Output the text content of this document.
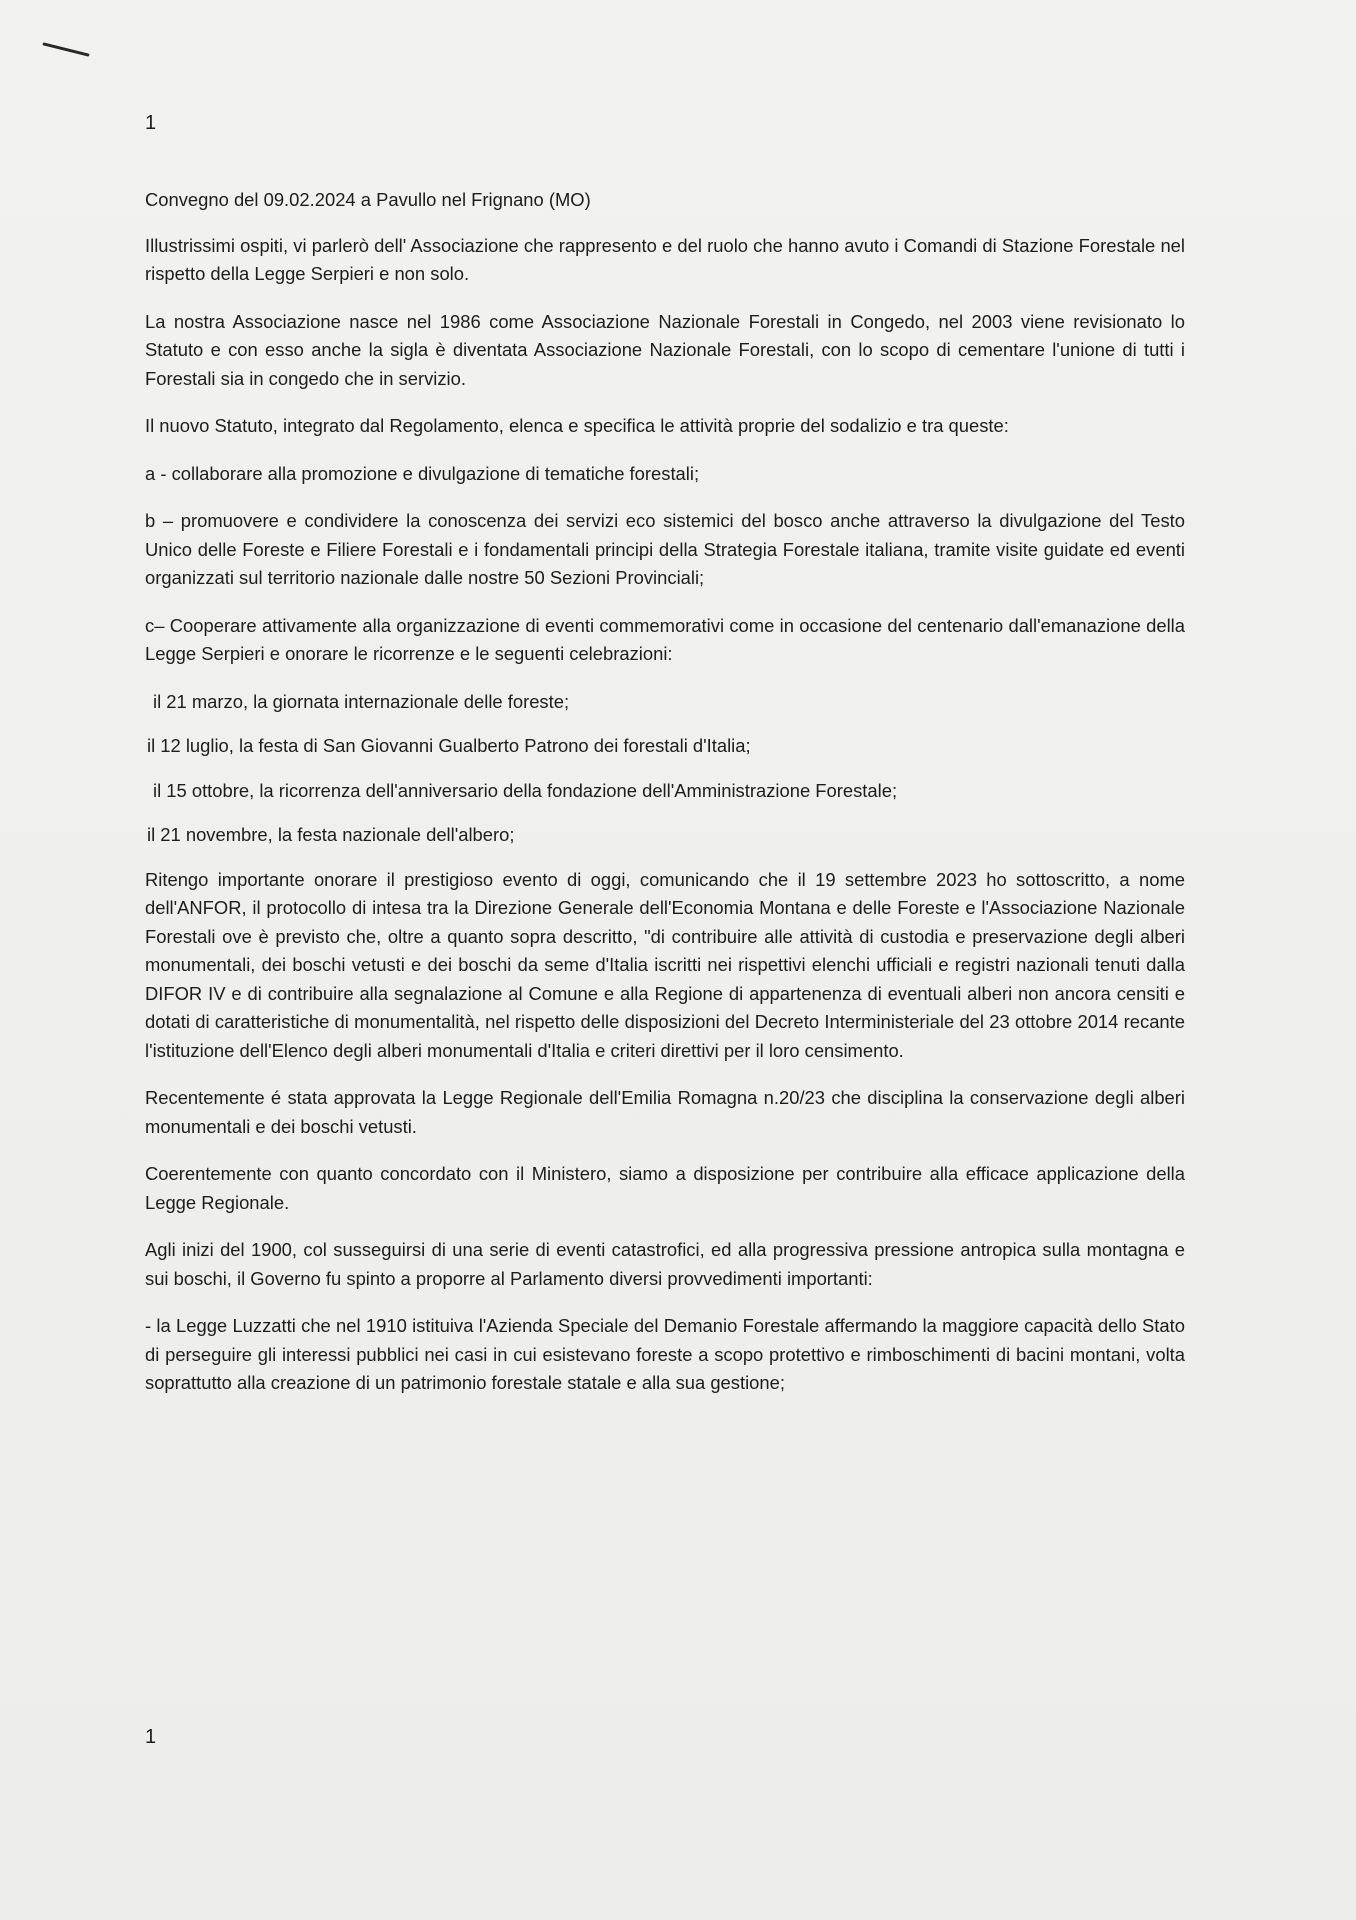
1

Convegno del 09.02.2024 a Pavullo nel Frignano (MO)

Illustrissimi ospiti, vi parlerò dell' Associazione che rappresento e del ruolo che hanno avuto i Comandi di Stazione Forestale nel rispetto della Legge Serpieri e non solo.

La nostra Associazione nasce nel 1986 come Associazione Nazionale Forestali in Congedo, nel 2003 viene revisionato lo Statuto e con esso anche la sigla è diventata Associazione Nazionale Forestali, con lo scopo di cementare l'unione di tutti i Forestali sia in congedo che in servizio.

Il nuovo Statuto, integrato dal Regolamento, elenca e specifica le attività proprie del sodalizio e tra queste:

a - collaborare alla promozione e divulgazione di tematiche forestali;

b – promuovere e condividere la conoscenza dei servizi eco sistemici del bosco anche attraverso la divulgazione del Testo Unico delle Foreste e Filiere Forestali e i fondamentali principi della Strategia Forestale italiana, tramite visite guidate ed eventi organizzati sul territorio nazionale dalle nostre 50 Sezioni Provinciali;

c– Cooperare attivamente alla organizzazione di eventi commemorativi come in occasione del centenario dall'emanazione della Legge Serpieri e onorare le ricorrenze e le seguenti celebrazioni:

il 21 marzo, la giornata internazionale delle foreste;

il 12 luglio, la festa di San Giovanni Gualberto Patrono dei forestali d'Italia;

il 15 ottobre, la ricorrenza dell'anniversario della fondazione dell'Amministrazione Forestale;

il 21 novembre, la festa nazionale dell'albero;

Ritengo importante onorare il prestigioso evento di oggi, comunicando che il 19 settembre 2023 ho sottoscritto, a nome dell'ANFOR, il protocollo di intesa tra la Direzione Generale dell'Economia Montana e delle Foreste e l'Associazione Nazionale Forestali ove è previsto che, oltre a quanto sopra descritto, "di contribuire alle attività di custodia e preservazione degli alberi monumentali, dei boschi vetusti e dei boschi da seme d'Italia iscritti nei rispettivi elenchi ufficiali e registri nazionali tenuti dalla DIFOR IV e di contribuire alla segnalazione al Comune e alla Regione di appartenenza di eventuali alberi non ancora censiti e dotati di caratteristiche di monumentalità, nel rispetto delle disposizioni del Decreto Interministeriale del 23 ottobre 2014 recante l'istituzione dell'Elenco degli alberi monumentali d'Italia e criteri direttivi per il loro censimento.

Recentemente é stata approvata la Legge Regionale dell'Emilia Romagna n.20/23 che disciplina la conservazione degli alberi monumentali e dei boschi vetusti.

Coerentemente con quanto concordato con il Ministero, siamo a disposizione per contribuire alla efficace applicazione della Legge Regionale.

Agli inizi del 1900, col susseguirsi di una serie di eventi catastrofici, ed alla progressiva pressione antropica sulla montagna e sui boschi, il Governo fu spinto a proporre al Parlamento diversi provvedimenti importanti:

- la Legge Luzzatti che nel 1910 istituiva l'Azienda Speciale del Demanio Forestale affermando la maggiore capacità dello Stato di perseguire gli interessi pubblici nei casi in cui esistevano foreste a scopo protettivo e rimboschimenti di bacini montani, volta soprattutto alla creazione di un patrimonio forestale statale e alla sua gestione;

1
